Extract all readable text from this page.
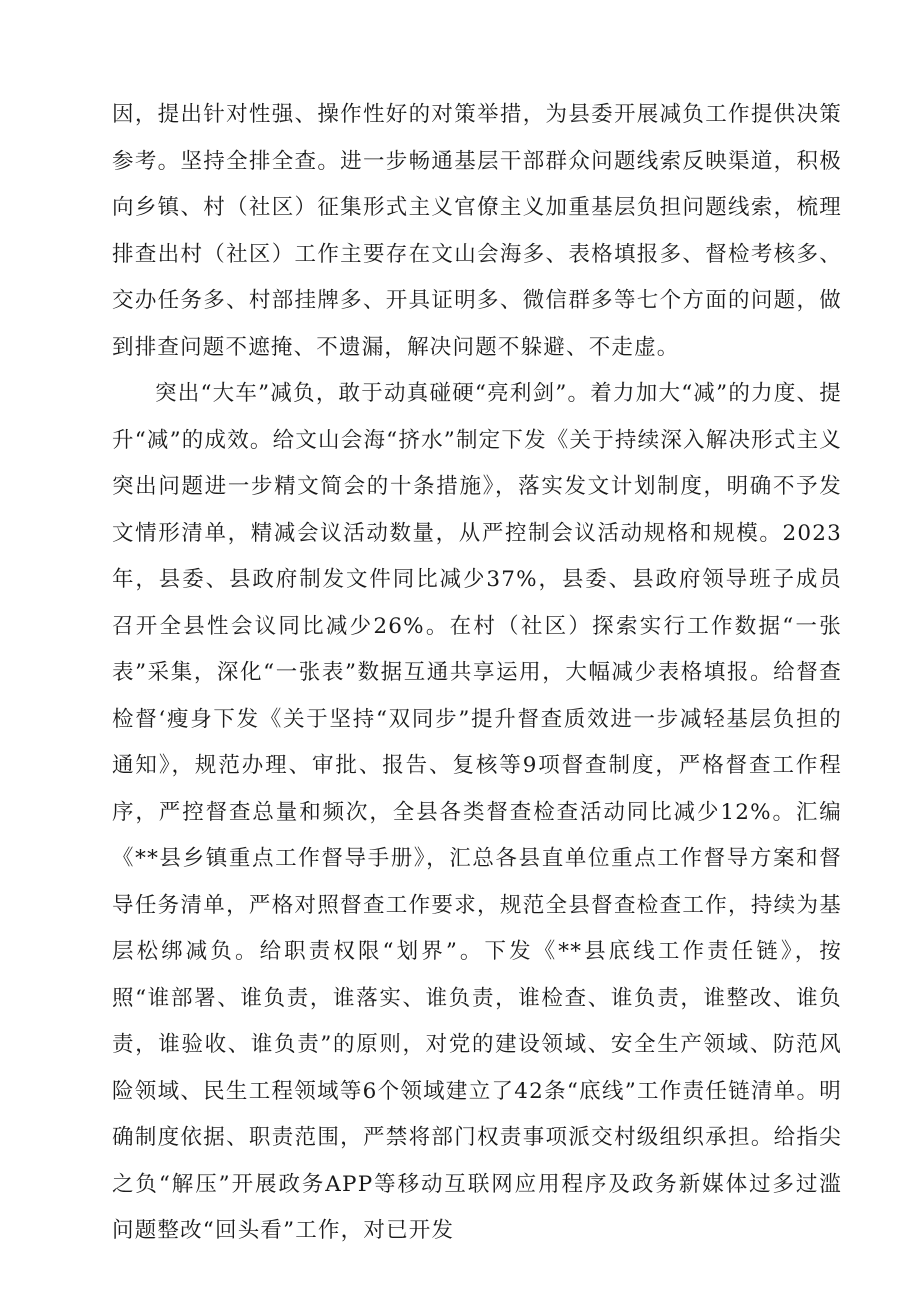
因，提出针对性强、操作性好的对策举措，为县委开展减负工作提供决策参考。坚持全排全查。进一步畅通基层干部群众问题线索反映渠道，积极向乡镇、村（社区）征集形式主义官僚主义加重基层负担问题线索，梳理排查出村（社区）工作主要存在文山会海多、表格填报多、督检考核多、交办任务多、村部挂牌多、开具证明多、微信群多等七个方面的问题，做到排查问题不遮掩、不遗漏，解决问题不躲避、不走虚。

突出“大车”减负，敢于动真碰硬“亮利剑”。着力加大“减”的力度、提升“减”的成效。给文山会海“挤水”制定下发《关于持续深入解决形式主义突出问题进一步精文简会的十条措施》，落实发文计划制度，明确不予发文情形清单，精减会议活动数量，从严控制会议活动规格和规模。2023年，县委、县政府制发文件同比减少37%，县委、县政府领导班子成员召开全县性会议同比减少26%。在村（社区）探索实行工作数据“一张表”采集，深化“一张表”数据互通共享运用，大幅减少表格填报。给督查检督‘瘦身下发《关于坚持“双同步”提升督查质效进一步减轻基层负担的通知》，规范办理、审批、报告、复核等9项督查制度，严格督查工作程序，严控督查总量和频次，全县各类督查检查活动同比减少12%。汇编《**县乡镇重点工作督导手册》，汇总各县直单位重点工作督导方案和督导任务清单，严格对照督查工作要求，规范全县督查检查工作，持续为基层松绑减负。给职责权限“划界”。下发《**县底线工作责任链》，按照“谁部署、谁负责，谁落实、谁负责，谁检查、谁负责，谁整改、谁负责，谁验收、谁负责”的原则，对党的建设领域、安全生产领域、防范风险领域、民生工程领域等6个领域建立了42条“底线”工作责任链清单。明确制度依据、职责范围，严禁将部门权责事项派交村级组织承担。给指尖之负“解压”开展政务APP等移动互联网应用程序及政务新媒体过多过滥问题整改“回头看”工作，对已开发
